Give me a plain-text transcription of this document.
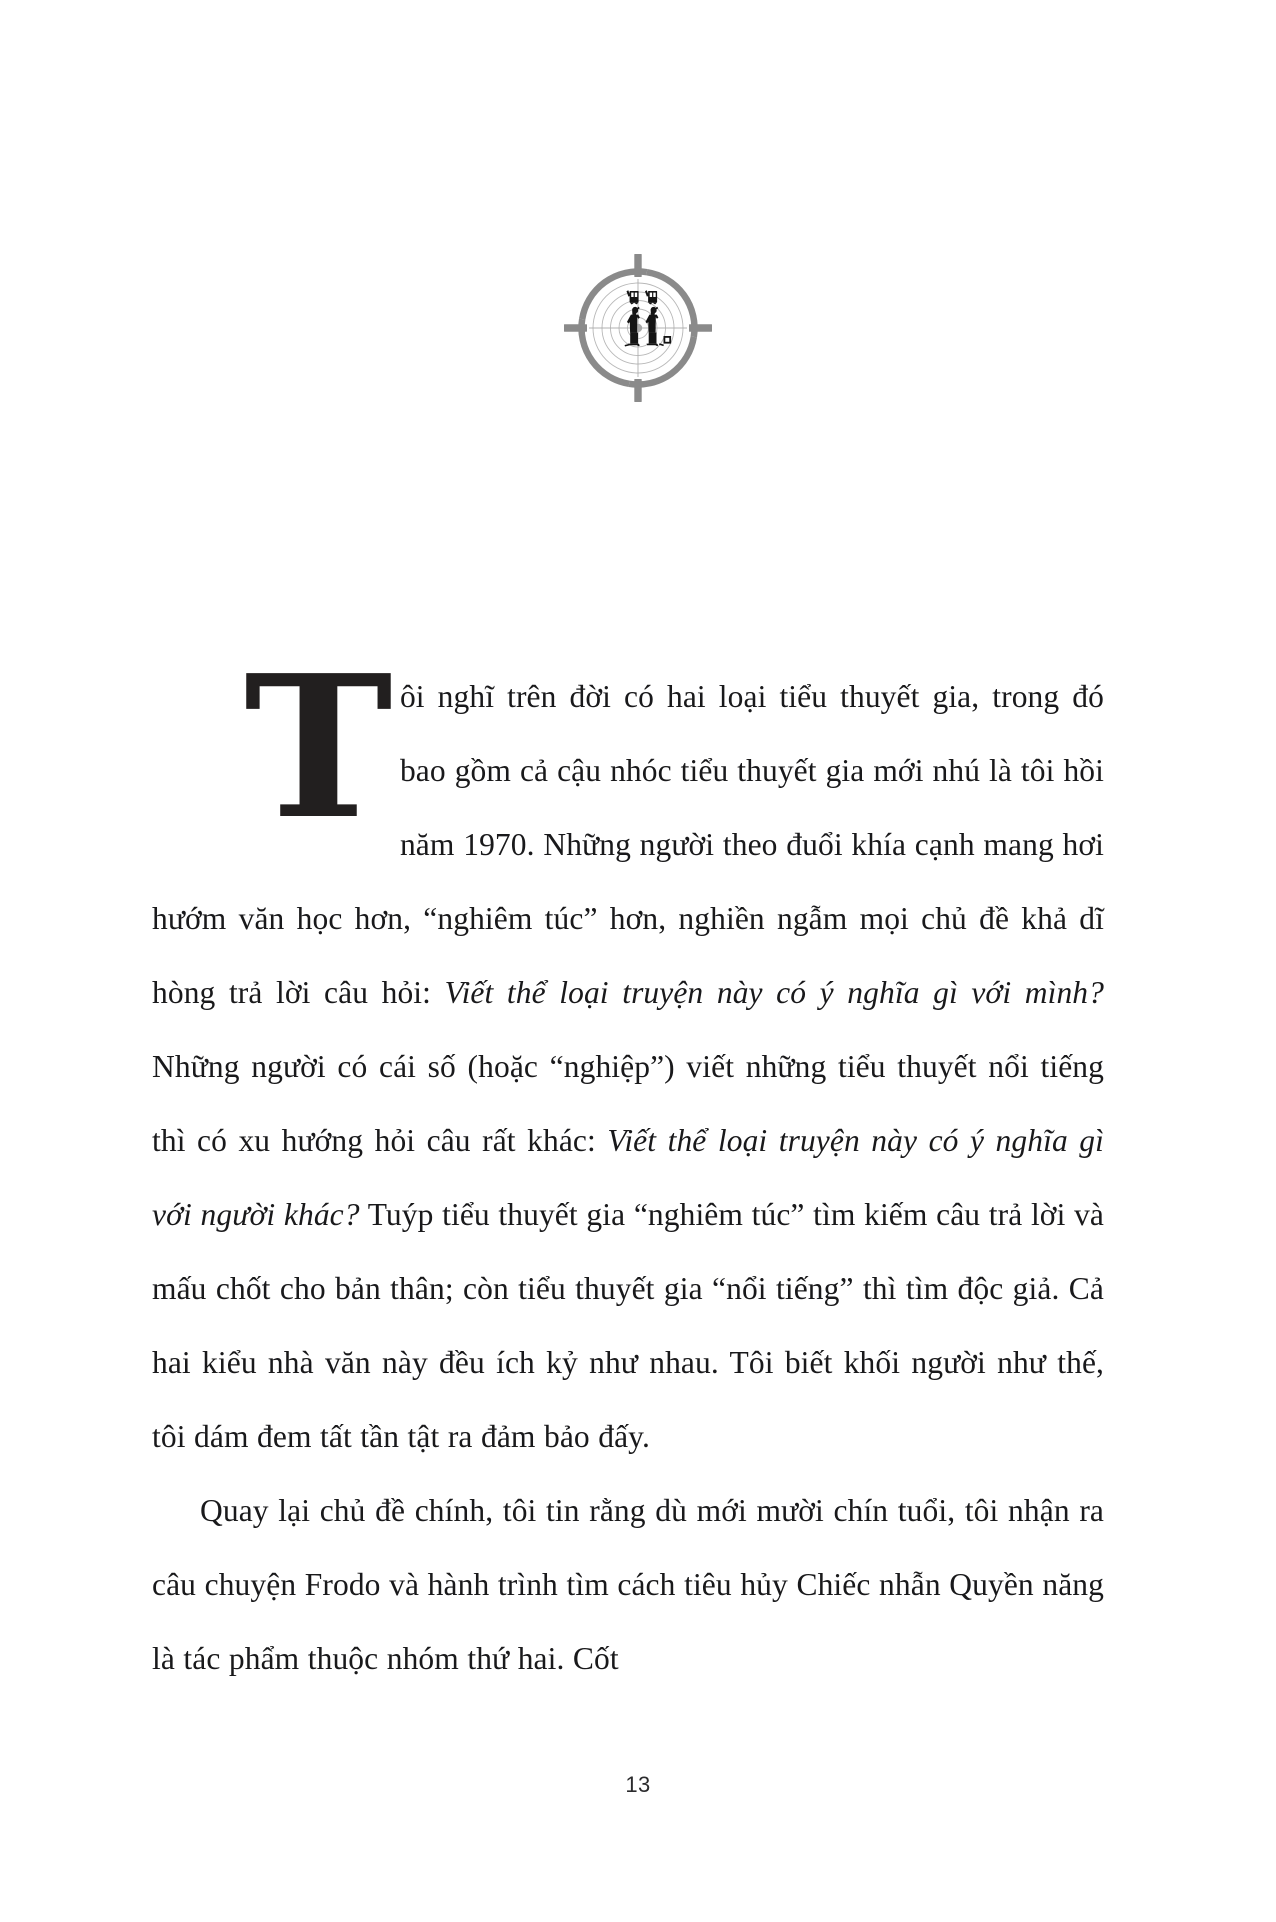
Tôi nghĩ trên đời có hai loại tiểu thuyết gia, trong đó bao gồm cả cậu nhóc tiểu thuyết gia mới nhú là tôi hồi năm 1970. Những người theo đuổi khía cạnh mang hơi hướm văn học hơn, “nghiêm túc” hơn, nghiền ngẫm mọi chủ đề khả dĩ hòng trả lời câu hỏi: Viết thể loại truyện này có ý nghĩa gì với mình? Những người có cái số (hoặc “nghiệp”) viết những tiểu thuyết nổi tiếng thì có xu hướng hỏi câu rất khác: Viết thể loại truyện này có ý nghĩa gì với người khác? Tuýp tiểu thuyết gia “nghiêm túc” tìm kiếm câu trả lời và mấu chốt cho bản thân; còn tiểu thuyết gia “nổi tiếng” thì tìm độc giả. Cả hai kiểu nhà văn này đều ích kỷ như nhau. Tôi biết khối người như thế, tôi dám đem tất tần tật ra đảm bảo đấy.

Quay lại chủ đề chính, tôi tin rằng dù mới mười chín tuổi, tôi nhận ra câu chuyện Frodo và hành trình tìm cách tiêu hủy Chiếc nhẫn Quyền năng là tác phẩm thuộc nhóm thứ hai. Cốt

13
